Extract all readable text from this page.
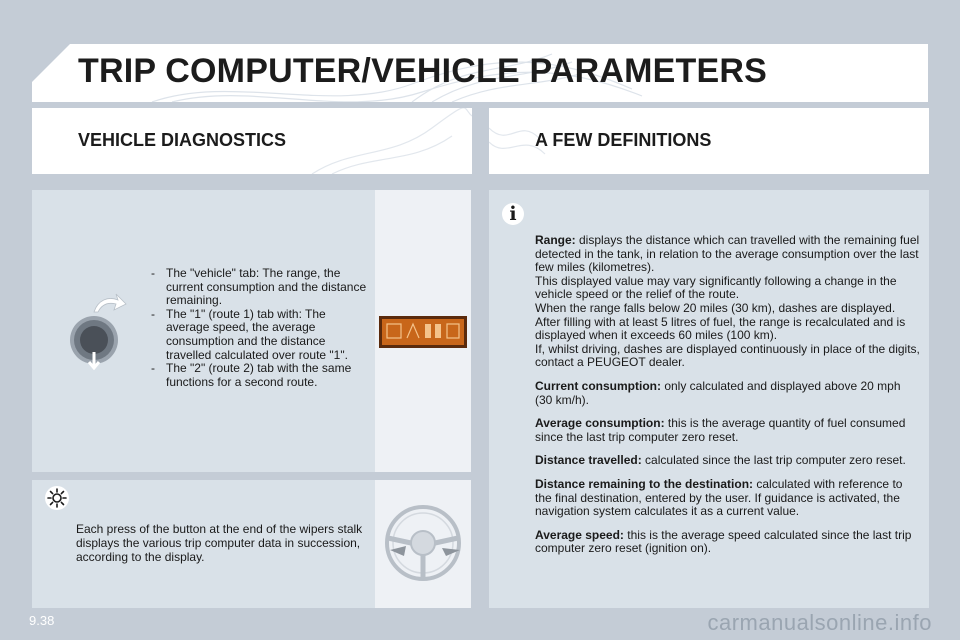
TRIP COMPUTER/VEHICLE PARAMETERS
VEHICLE DIAGNOSTICS	A FEW DEFINITIONS
- The "vehicle" tab: The range, the current consumption and the distance remaining.
- The "1" (route 1) tab with: The average speed, the average consumption and the distance travelled calculated over route "1".
- The "2" (route 2) tab with the same functions for a second route.
i

Range: displays the distance which can travelled with the remaining fuel detected in the tank, in relation to the average consumption over the last few miles (kilometres).
This displayed value may vary significantly following a change in the vehicle speed or the relief of the route.
When the range falls below 20 miles (30 km), dashes are displayed. After filling with at least 5 litres of fuel, the range is recalculated and is displayed when it exceeds 60 miles (100 km).
If, whilst driving, dashes are displayed continuously in place of the digits, contact a PEUGEOT dealer.

Current consumption: only calculated and displayed above 20 mph (30 km/h).

Average consumption: this is the average quantity of fuel consumed since the last trip computer zero reset.

Distance travelled: calculated since the last trip computer zero reset.

Distance remaining to the destination: calculated with reference to the final destination, entered by the user. If guidance is activated, the navigation system calculates it as a current value.

Average speed: this is the average speed calculated since the last trip computer zero reset (ignition on).

Each press of the button at the end of the wipers stalk displays the various trip computer data in succession, according to the display.

9.38	carmanualsonline.info
